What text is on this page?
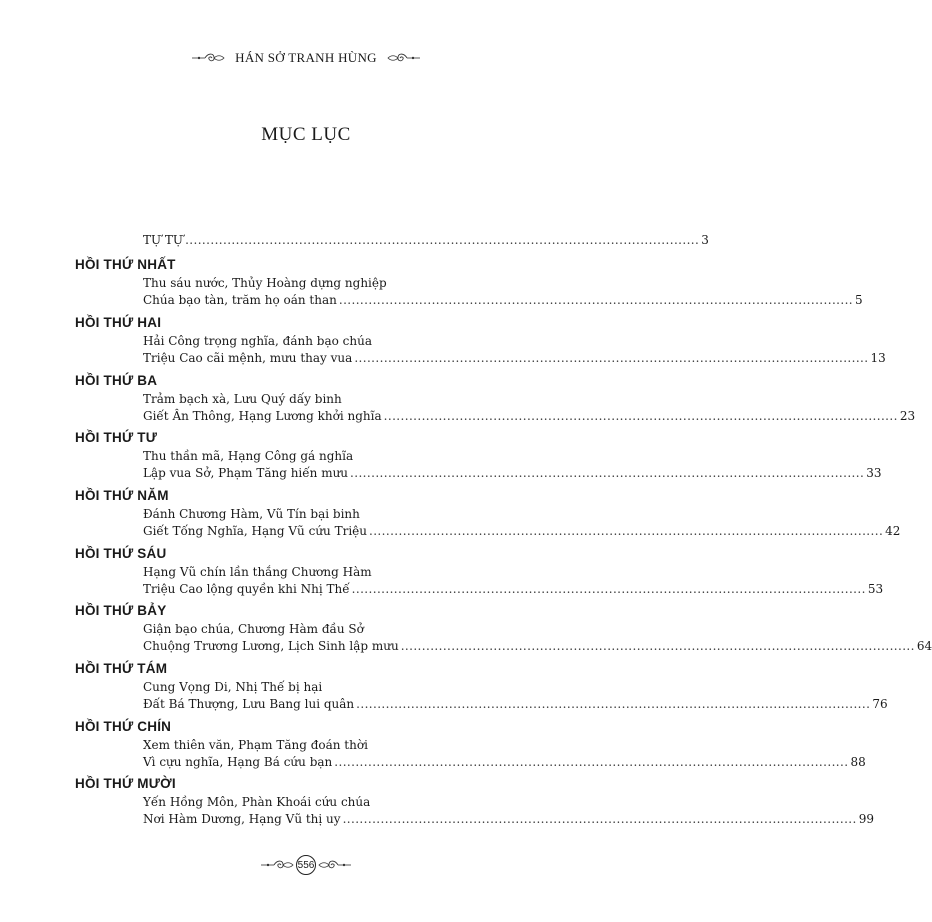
HÁN SỞ TRANH HÙNG
MỤC LỤC
TỰ TỰ .......................................................................................................................... 3
HỒI THỨ NHẤT
Thu sáu nước, Thủy Hoàng dựng nghiệp
Chúa bạo tàn, trăm họ oán than .......................................................................................................................... 5
HỒI THỨ HAI
Hải Công trọng nghĩa, đánh bạo chúa
Triệu Cao cãi mệnh, mưu thay vua .......................................................................................................................... 13
HỒI THỨ BA
Trảm bạch xà, Lưu Quý dấy binh
Giết Ân Thông, Hạng Lương khởi nghĩa .......................................................................................................................... 23
HỒI THỨ TƯ
Thu thần mã, Hạng Công gá nghĩa
Lập vua Sở, Phạm Tăng hiến mưu .......................................................................................................................... 33
HỒI THỨ NĂM
Đánh Chương Hàm, Vũ Tín bại binh
Giết Tống Nghĩa, Hạng Vũ cứu Triệu .......................................................................................................................... 42
HỒI THỨ SÁU
Hạng Vũ chín lần thắng Chương Hàm
Triệu Cao lộng quyền khi Nhị Thế .......................................................................................................................... 53
HỒI THỨ BẢY
Giận bạo chúa, Chương Hàm đầu Sở
Chuộng Trương Lương, Lịch Sinh lập mưu .......................................................................................................................... 64
HỒI THỨ TÁM
Cung Vọng Di, Nhị Thế bị hại
Đất Bá Thượng, Lưu Bang lui quân .......................................................................................................................... 76
HỒI THỨ CHÍN
Xem thiên văn, Phạm Tăng đoán thời
Vì cựu nghĩa, Hạng Bá cứu bạn .......................................................................................................................... 88
HỒI THỨ MƯỜI
Yến Hồng Môn, Phàn Khoái cứu chúa
Nơi Hàm Dương, Hạng Vũ thị uy .......................................................................................................................... 99
556
